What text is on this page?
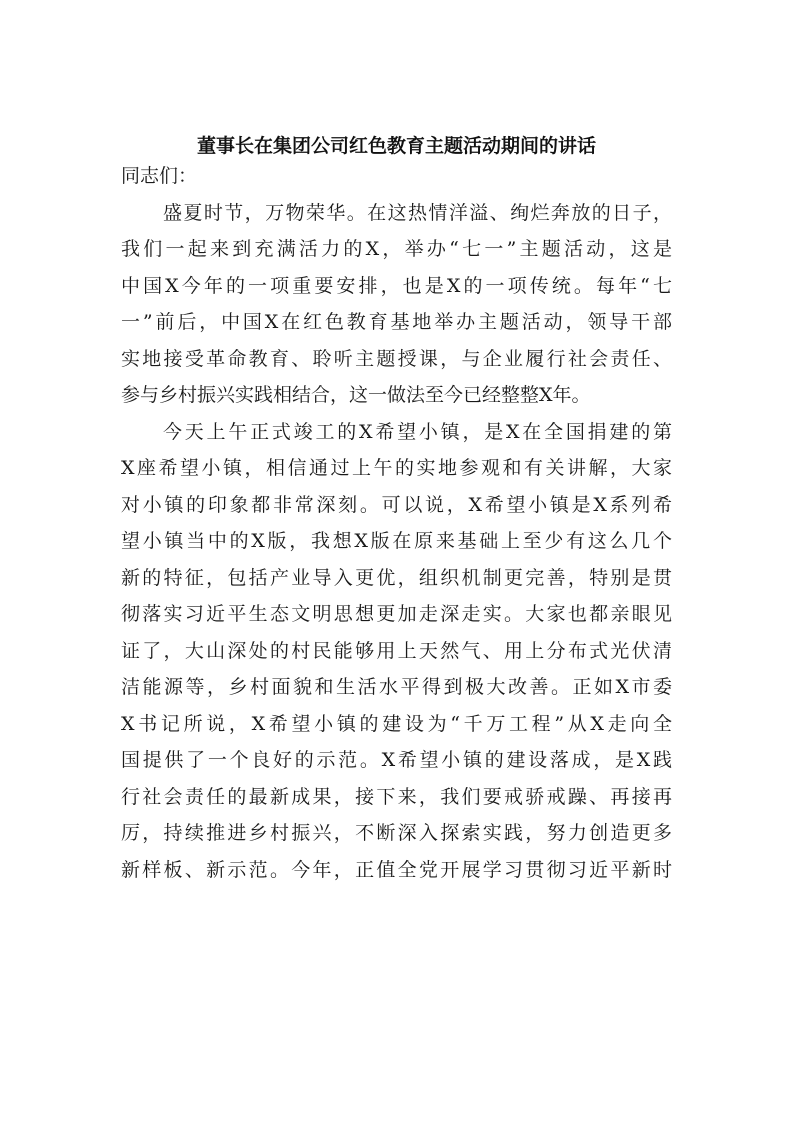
董事长在集团公司红色教育主题活动期间的讲话
同志们：
盛夏时节，万物荣华。在这热情洋溢、绚烂奔放的日子，
我们一起来到充满活力的X，举办“七一”主题活动，这是
中国X今年的一项重要安排，也是X的一项传统。每年“七
一”前后，中国X在红色教育基地举办主题活动，领导干部
实地接受革命教育、聆听主题授课，与企业履行社会责任、
参与乡村振兴实践相结合，这一做法至今已经整整X年。
今天上午正式竣工的X希望小镇，是X在全国捐建的第
X座希望小镇，相信通过上午的实地参观和有关讲解，大家
对小镇的印象都非常深刻。可以说，X希望小镇是X系列希
望小镇当中的X版，我想X版在原来基础上至少有这么几个
新的特征，包括产业导入更优，组织机制更完善，特别是贯
彻落实习近平生态文明思想更加走深走实。大家也都亲眼见
证了，大山深处的村民能够用上天然气、用上分布式光伏清
洁能源等，乡村面貌和生活水平得到极大改善。正如X市委
X书记所说，X希望小镇的建设为“千万工程”从X走向全
国提供了一个良好的示范。X希望小镇的建设落成，是X践
行社会责任的最新成果，接下来，我们要戒骄戒躁、再接再
厉，持续推进乡村振兴，不断深入探索实践，努力创造更多
新样板、新示范。今年，正值全党开展学习贯彻习近平新时
